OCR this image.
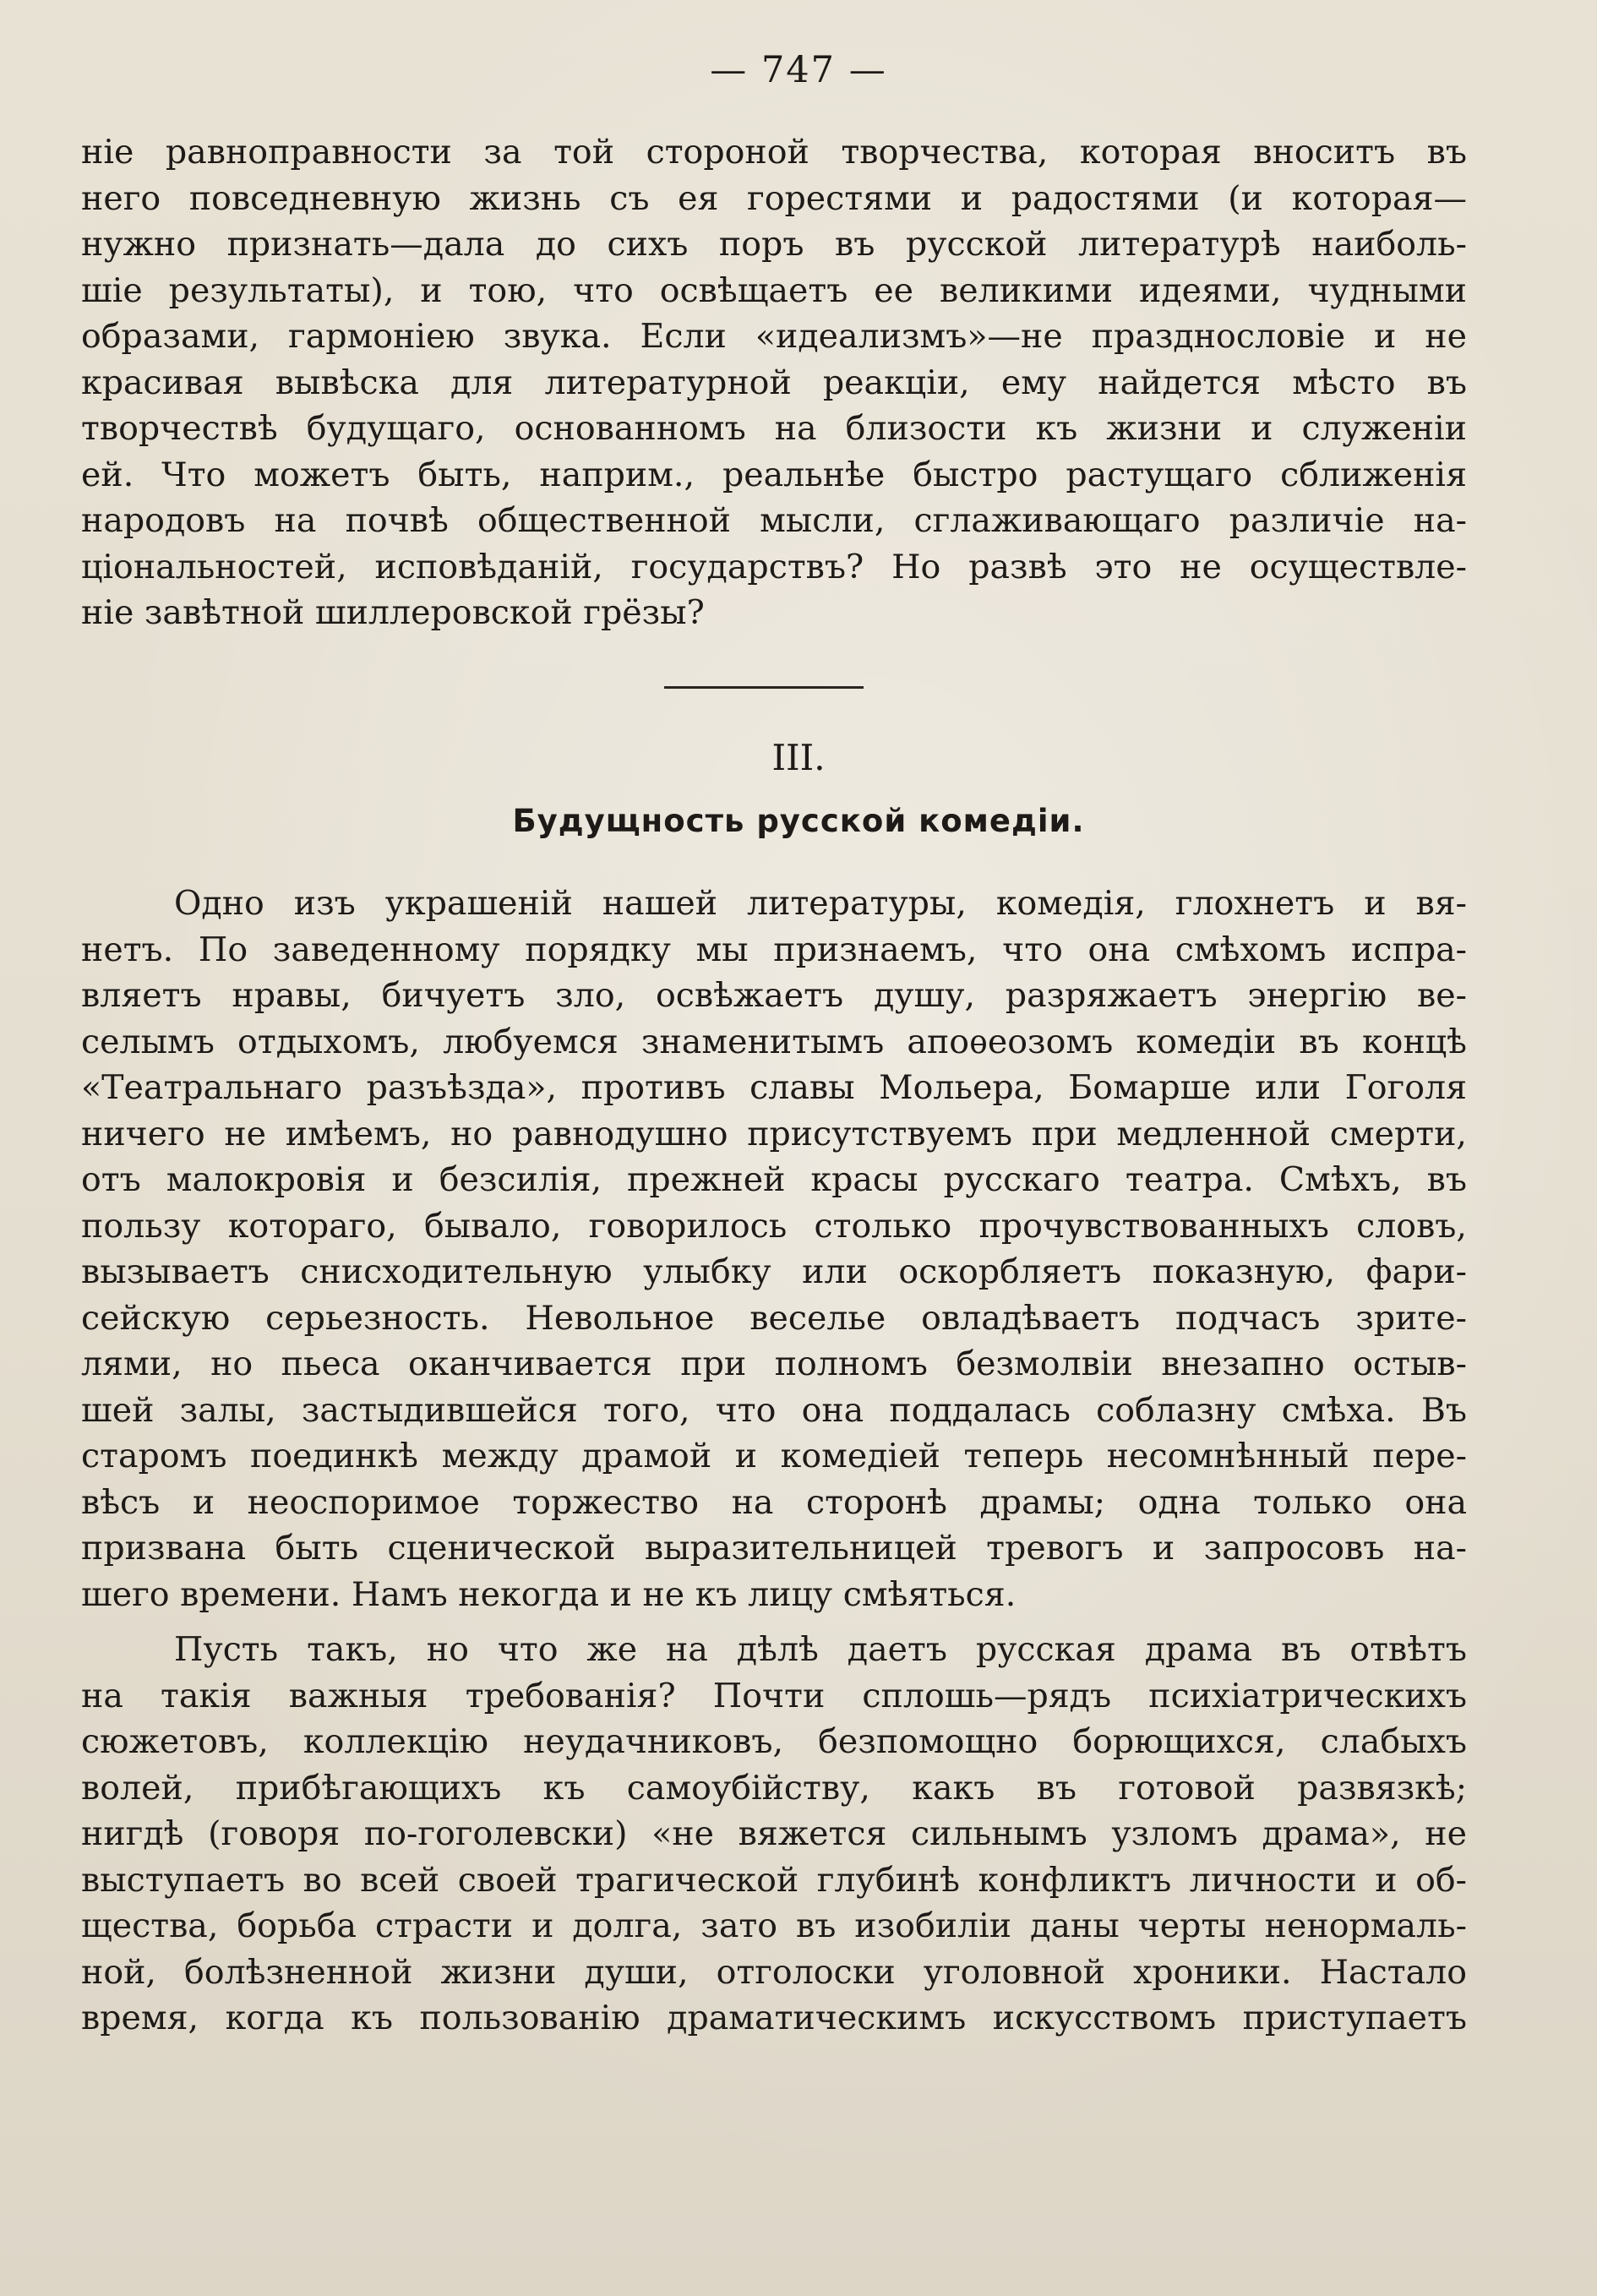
— 747 —
ніе равноправности за той стороной творчества, которая вноситъ въ
него повседневную жизнь съ ея горестями и радостями (и которая—
нужно признать—дала до сихъ поръ въ русской литературѣ наиболь-
шіе результаты), и тою, что освѣщаетъ ее великими идеями, чудными
образами, гармоніею звука. Если «идеализмъ»—не празднословіе и не
красивая вывѣска для литературной реакціи, ему найдется мѣсто въ
творчествѣ будущаго, основанномъ на близости къ жизни и служеніи
ей. Что можетъ быть, наприм., реальнѣе быстро растущаго сближенія
народовъ на почвѣ общественной мысли, сглаживающаго различіе на-
ціональностей, исповѣданій, государствъ? Но развѣ это не осуществле-
ніе завѣтной шиллеровской грёзы?
III.
Будущность русской комедіи.
Одно изъ украшеній нашей литературы, комедія, глохнетъ и вя-
нетъ. По заведенному порядку мы признаемъ, что она смѣхомъ испра-
вляетъ нравы, бичуетъ зло, освѣжаетъ душу, разряжаетъ энергію ве-
селымъ отдыхомъ, любуемся знаменитымъ апоѳеозомъ комедіи въ концѣ
«Театральнаго разъѣзда», противъ славы Мольера, Бомарше или Гоголя
ничего не имѣемъ, но равнодушно присутствуемъ при медленной смерти,
отъ малокровія и безсилія, прежней красы русскаго театра. Смѣхъ, въ
пользу котораго, бывало, говорилось столько прочувствованныхъ словъ,
вызываетъ снисходительную улыбку или оскорбляетъ показную, фари-
сейскую серьезность. Невольное веселье овладѣваетъ подчасъ зрите-
лями, но пьеса оканчивается при полномъ безмолвіи внезапно остыв-
шей залы, застыдившейся того, что она поддалась соблазну смѣха. Въ
старомъ поединкѣ между драмой и комедіей теперь несомнѣнный пере-
вѣсъ и неоспоримое торжество на сторонѣ драмы; одна только она
призвана быть сценической выразительницей тревогъ и запросовъ на-
шего времени. Намъ некогда и не къ лицу смѣяться.
Пусть такъ, но что же на дѣлѣ даетъ русская драма въ отвѣтъ
на такія важныя требованія? Почти сплошь—рядъ психіатрическихъ
сюжетовъ, коллекцію неудачниковъ, безпомощно борющихся, слабыхъ
волей, прибѣгающихъ къ самоубійству, какъ въ готовой развязкѣ;
нигдѣ (говоря по-гоголевски) «не вяжется сильнымъ узломъ драма», не
выступаетъ во всей своей трагической глубинѣ конфликтъ личности и об-
щества, борьба страсти и долга, зато въ изобиліи даны черты ненормаль-
ной, болѣзненной жизни души, отголоски уголовной хроники. Настало
время, когда къ пользованію драматическимъ искусствомъ приступаетъ
